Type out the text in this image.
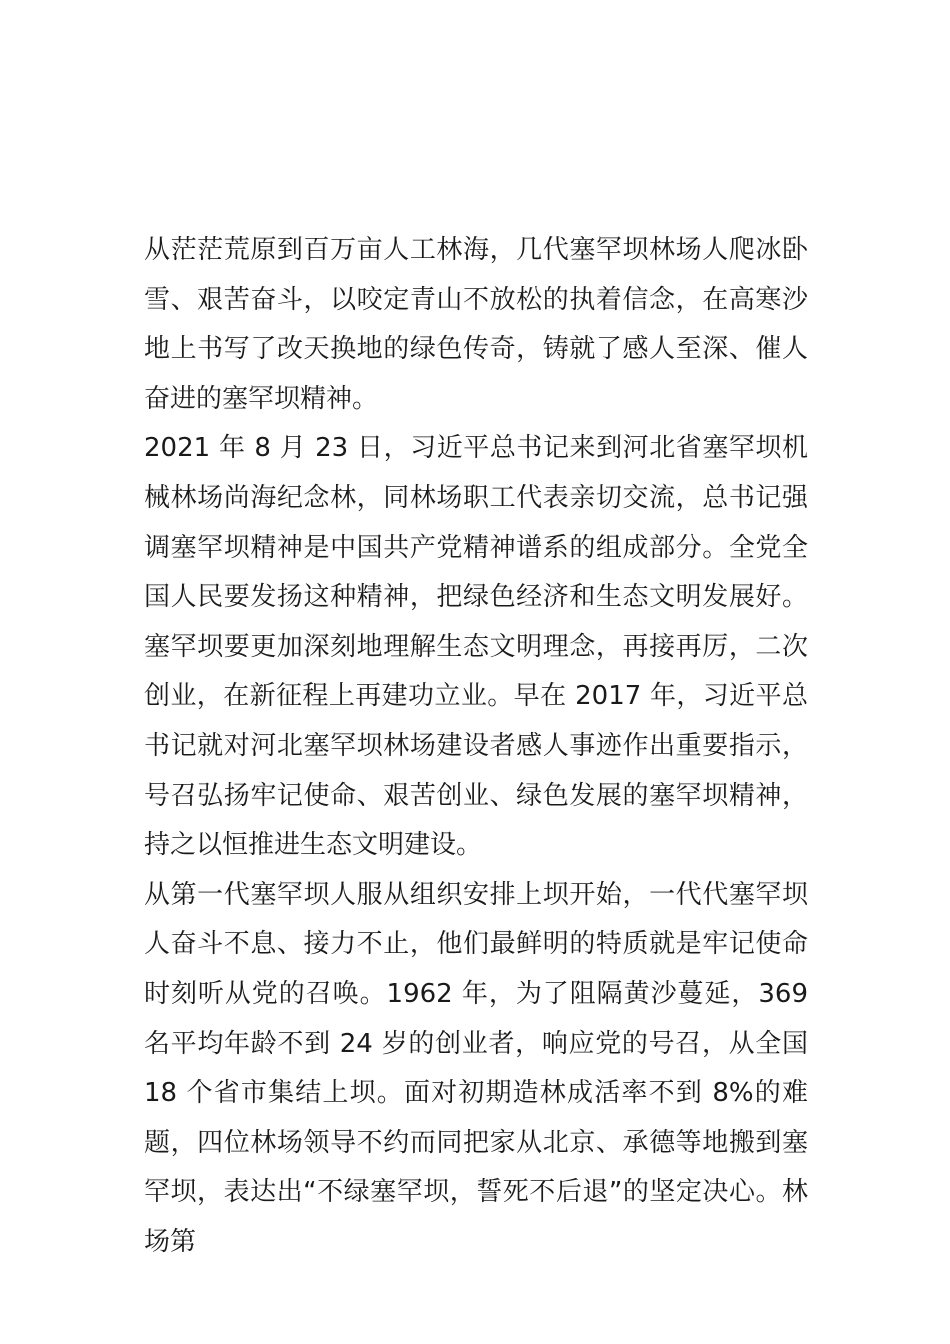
从茫茫荒原到百万亩人工林海，几代塞罕坝林场人爬冰卧雪、艰苦奋斗，以咬定青山不放松的执着信念，在高寒沙地上书写了改天换地的绿色传奇，铸就了感人至深、催人奋进的塞罕坝精神。

2021 年 8 月 23 日，习近平总书记来到河北省塞罕坝机械林场尚海纪念林，同林场职工代表亲切交流，总书记强调塞罕坝精神是中国共产党精神谱系的组成部分。全党全国人民要发扬这种精神，把绿色经济和生态文明发展好。塞罕坝要更加深刻地理解生态文明理念，再接再厉，二次创业，在新征程上再建功立业。早在 2017 年，习近平总书记就对河北塞罕坝林场建设者感人事迹作出重要指示，号召弘扬牢记使命、艰苦创业、绿色发展的塞罕坝精神，持之以恒推进生态文明建设。

从第一代塞罕坝人服从组织安排上坝开始，一代代塞罕坝人奋斗不息、接力不止，他们最鲜明的特质就是牢记使命时刻听从党的召唤。1962 年，为了阻隔黄沙蔓延，369 名平均年龄不到 24 岁的创业者，响应党的号召，从全国 18 个省市集结上坝。面对初期造林成活率不到 8%的难题，四位林场领导不约而同把家从北京、承德等地搬到塞罕坝，表达出“不绿塞罕坝，誓死不后退”的坚定决心。林场第
